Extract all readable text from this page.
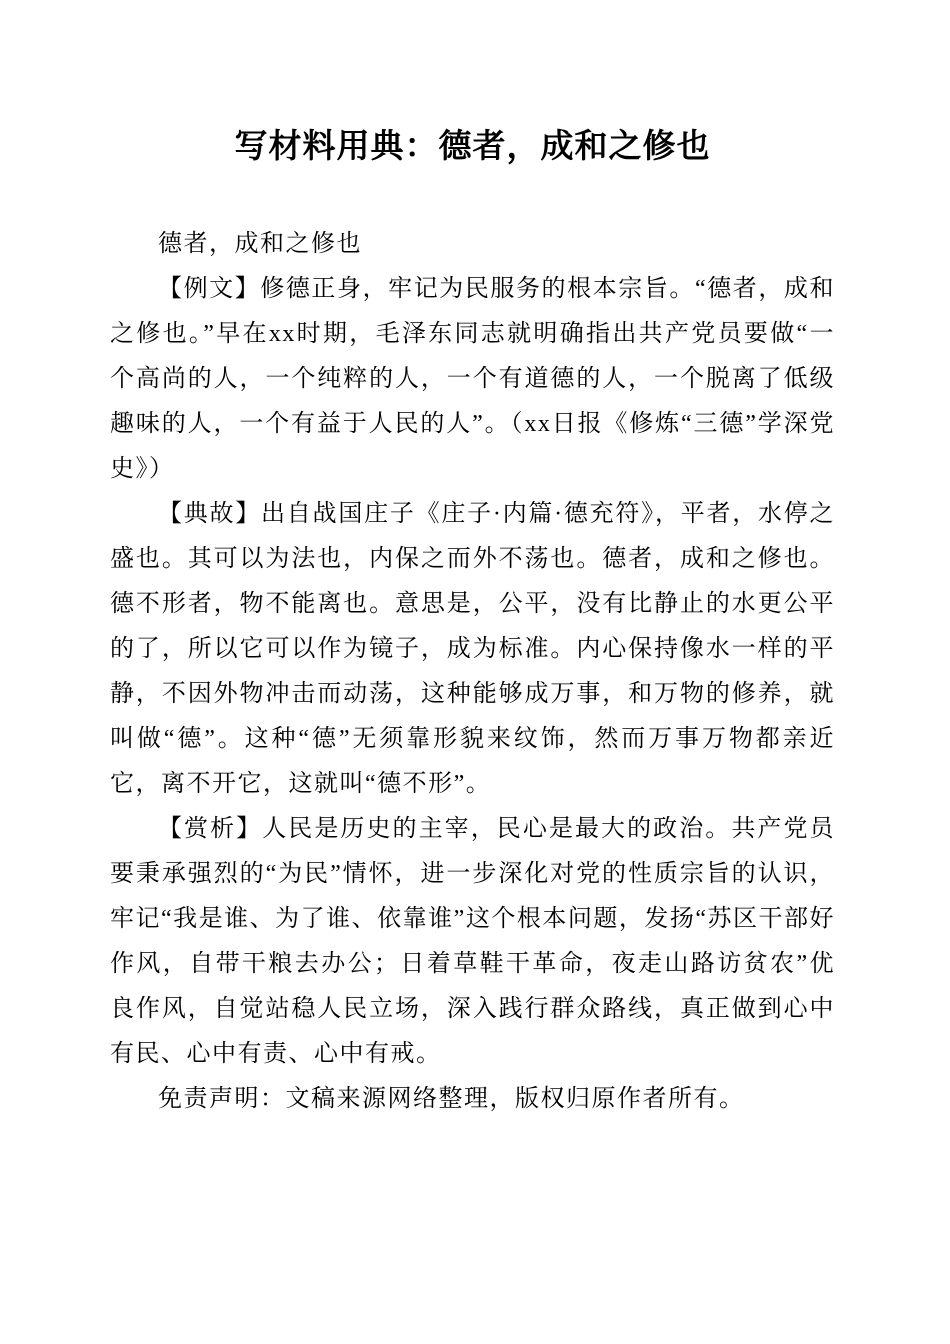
写材料用典：德者，成和之修也

德者，成和之修也

【例文】修德正身，牢记为民服务的根本宗旨。“德者，成和之修也。”早在xx时期，毛泽东同志就明确指出共产党员要做“一个高尚的人，一个纯粹的人，一个有道德的人，一个脱离了低级趣味的人，一个有益于人民的人”。（xx日报《修炼“三德”学深党史》）

【典故】出自战国庄子《庄子·内篇·德充符》，平者，水停之盛也。其可以为法也，内保之而外不荡也。德者，成和之修也。德不形者，物不能离也。意思是，公平，没有比静止的水更公平的了，所以它可以作为镜子，成为标准。内心保持像水一样的平静，不因外物冲击而动荡，这种能够成万事，和万物的修养，就叫做“德”。这种“德”无须靠形貌来纹饰，然而万事万物都亲近它，离不开它，这就叫“德不形”。

【赏析】人民是历史的主宰，民心是最大的政治。共产党员要秉承强烈的“为民”情怀，进一步深化对党的性质宗旨的认识，牢记“我是谁、为了谁、依靠谁”这个根本问题，发扬“苏区干部好作风，自带干粮去办公；日着草鞋干革命，夜走山路访贫农”优良作风，自觉站稳人民立场，深入践行群众路线，真正做到心中有民、心中有责、心中有戒。

免责声明：文稿来源网络整理，版权归原作者所有。
